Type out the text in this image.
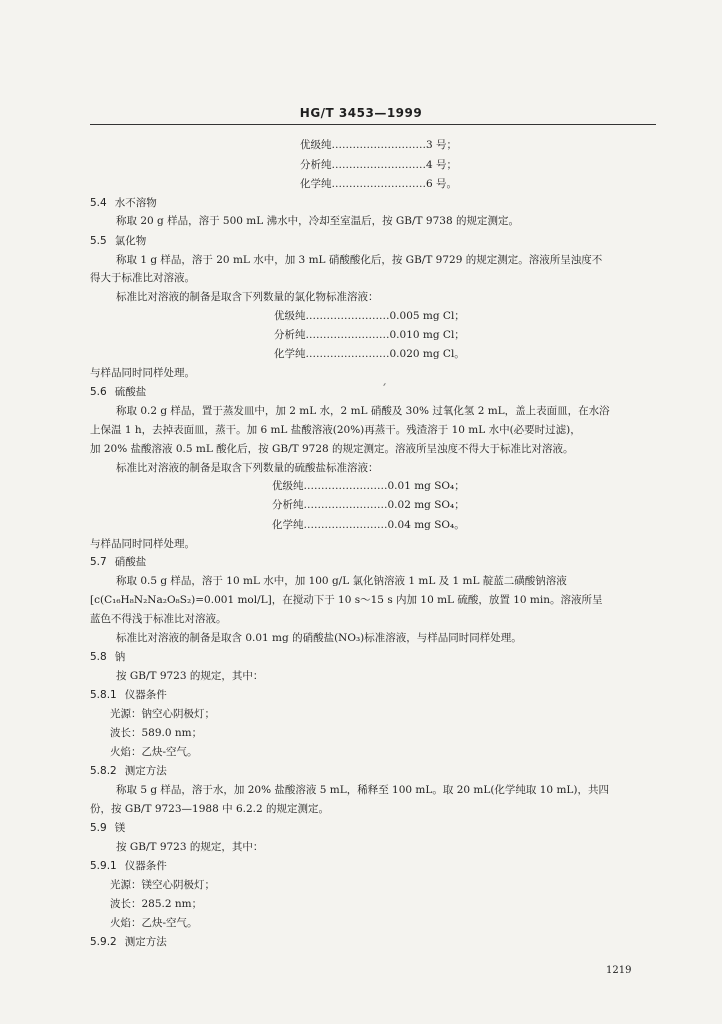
HG/T 3453—1999
优级纯………………………3 号；
分析纯………………………4 号；
化学纯………………………6 号。
5.4 水不溶物
称取 20 g 样品，溶于 500 mL 沸水中，冷却至室温后，按 GB/T 9738 的规定测定。
5.5 氯化物
称取 1 g 样品，溶于 20 mL 水中，加 3 mL 硝酸酸化后，按 GB/T 9729 的规定测定。溶液所呈浊度不
得大于标准比对溶液。
标准比对溶液的制备是取含下列数量的氯化物标准溶液：
优级纯……………………0.005 mg Cl；
分析纯……………………0.010 mg Cl；
化学纯……………………0.020 mg Cl。
与样品同时同样处理。
5.6 硫酸盐
称取 0.2 g 样品，置于蒸发皿中，加 2 mL 水，2 mL 硝酸及 30% 过氧化氢 2 mL，盖上表面皿，在水浴
上保温 1 h，去掉表面皿，蒸干。加 6 mL 盐酸溶液(20%)再蒸干。残渣溶于 10 mL 水中(必要时过滤)，
加 20% 盐酸溶液 0.5 mL 酸化后，按 GB/T 9728 的规定测定。溶液所呈浊度不得大于标准比对溶液。
标准比对溶液的制备是取含下列数量的硫酸盐标准溶液：
优级纯……………………0.01 mg SO₄；
分析纯……………………0.02 mg SO₄；
化学纯……………………0.04 mg SO₄。
与样品同时同样处理。
5.7 硝酸盐
称取 0.5 g 样品，溶于 10 mL 水中，加 100 g/L 氯化钠溶液 1 mL 及 1 mL 靛蓝二磺酸钠溶液
[c(C₁₆H₈N₂Na₂O₈S₂)=0.001 mol/L]，在搅动下于 10 s～15 s 内加 10 mL 硫酸，放置 10 min。溶液所呈
蓝色不得浅于标准比对溶液。
标准比对溶液的制备是取含 0.01 mg 的硝酸盐(NO₃)标准溶液，与样品同时同样处理。
5.8 钠
按 GB/T 9723 的规定，其中：
5.8.1 仪器条件
光源：钠空心阴极灯；
波长：589.0 nm；
火焰：乙炔-空气。
5.8.2 测定方法
称取 5 g 样品，溶于水，加 20% 盐酸溶液 5 mL，稀释至 100 mL。取 20 mL(化学纯取 10 mL)，共四
份，按 GB/T 9723—1988 中 6.2.2 的规定测定。
5.9 镁
按 GB/T 9723 的规定，其中：
5.9.1 仪器条件
光源：镁空心阴极灯；
波长：285.2 nm；
火焰：乙炔-空气。
5.9.2 测定方法
1219
